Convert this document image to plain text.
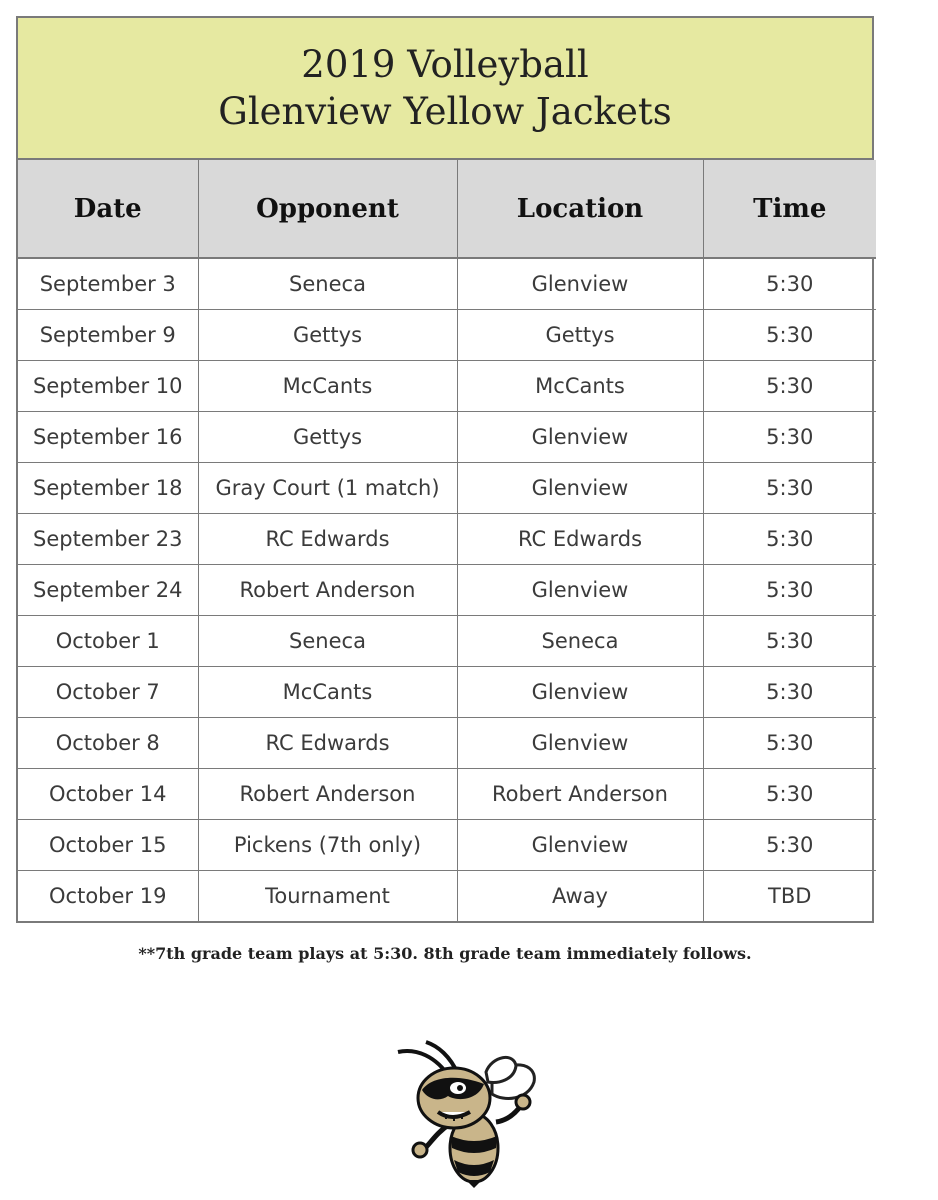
2019 Volleyball
Glenview Yellow Jackets
Date	Opponent	Location	Time
September 3	Seneca	Glenview	5:30
September 9	Gettys	Gettys	5:30
September 10	McCants	McCants	5:30
September 16	Gettys	Glenview	5:30
September 18	Gray Court (1 match)	Glenview	5:30
September 23	RC Edwards	RC Edwards	5:30
September 24	Robert Anderson	Glenview	5:30
October 1	Seneca	Seneca	5:30
October 7	McCants	Glenview	5:30
October 8	RC Edwards	Glenview	5:30
October 14	Robert Anderson	Robert Anderson	5:30
October 15	Pickens (7th only)	Glenview	5:30
October 19	Tournament	Away	TBD
**7th grade team plays at 5:30. 8th grade team immediately follows.
